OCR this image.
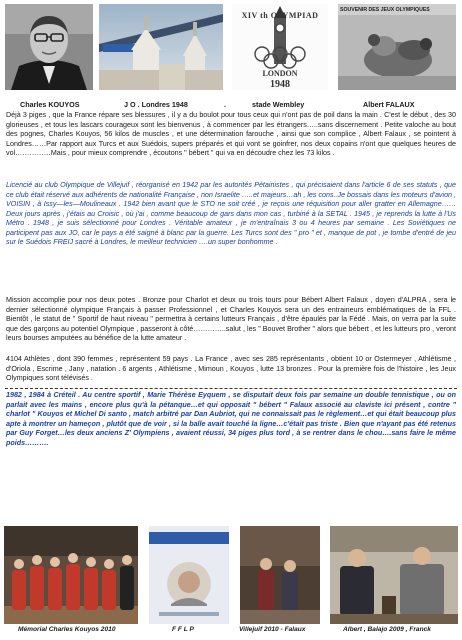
XIV th OLYMPIAD
LONDON
1948
SOUVENIR DES JEUX OLYMPIQUES
Charles KOUYOS	J O . Londres 1948	.	stade Wembley	Albert FALAUX

Déjà 3 piges , que la France répare ses blessures , il y a du boulot pour tous ceux qui n'ont pas de poil dans la main . C'est le début , des 30 glorieuses , et tous les lascars courageux sont les bienvenus , à commencer par les étrangers…..sans discernement . Petite valoche au bout des pognes, Charles Kouyos, 56 kilos de muscles , et une détermination farouche , ainsi que son complice , Albert Falaux , se pointent à Londres……Par rapport aux Turcs et aux Suédois, supers préparés et qui vont se goinfrer, nos deux copains n'ont que quelques heures de vol……………Mais , pour mieux comprendre , écoutons " bébert " qui va en découdre chez les 73 kilos .

Licencié au club Olympique de Villejuif , réorganisé en 1942 par les autorités Pétainistes , qui précisaient dans l'article 6 de ses statuts , que ce club était réservé aux adhérents de nationalité Française , non Israelite …..et majeurs…ah , les cons..Je bossais dans les moteurs d'avion , VOISIN , à Issy—les—Moulineaux . 1942 bien avant que le STO ne soit créé , je reçois une réquisition pour aller gratter en Allemagne……Deux jours après , j'étais au Croisic , où j'ai , comme beaucoup de gars dans mon cas , turbiné à la SETAL . 1945 , je reprends la lutte à l'Us Métro . 1948 , je suis sélectionné pour Londres . Véritable amateur , je m'entraînais 3 ou 4 heures par semaine . Les Soviétiques ne participent pas aux JO, car le pays a été saigné à blanc par la guerre. Les Turcs sont des " pro " et , manque de pot , je tombe d'entré de jeu sur le Suédois FREIJ sacré à Londres, le meilleur technicien ….un super bonhomme .

Mission accomplie pour nos deux potes . Bronze pour Charlot et deux ou trois tours pour Bébert Albert Falaux , doyen d'ALPRA , sera le dernier sélectionné olympique Français à passer Professionnel , et Charles Kouyos sera un des entraineurs emblématiques de la FFL . Bientôt , le statut de " Sportif de haut niveau " permettra à certains lutteurs Français , d'être épaulés par la Fédé . Mais, on verra par la suite que des garçons au potentiel Olympique , passeront à côté…………..salut , les " Bouvet Brother " alors que bébert , et les lutteurs pro , veront leurs bourses amputées au bénéfice de la lutte amateur .

4104 Athlètes , dont 390 femmes , représentent 59 pays . La France , avec ses 285 représentants , obtient 10 or Ostermeyer , Athlétisme , d'Oriola , Escrime , Jany , natation . 6 argents , Athlétisme , Mimoun , Kouyos , lutte 13 bronzes . Pour la première fois de l'histoire , les Jeux Olympiques sont télévisés .

1982 , 1984 à Créteil . Au centre sportif , Marie Thérèse Eyquem , se disputait deux fois par semaine un double tennistique , ou on parlait avec les mains , encore plus qu'à la pétanque…et qui opposait " bébert " Falaux associé au claviste ici présent , contre " charlot " Kouyos et Michel Di santo , match arbitré par Dan Aubriot, qui ne connaissait pas le règlement…et qui était beaucoup plus apte à montrer un hameçon , plutôt que de voir , si la balle avait touché la ligne…c'était pas triste . Bien que n'ayant pas été retenus par Guy Forget…les deux anciens Z' Olympiens , avaient réussi, 34 piges plus tord , à se rentrer dans le chou….sans faire le même poids……….

Mémorial Charles Kouyos 2010	F F L P	Villejuif 2010 - Falaux	Albert , Balajo 2009 , Franck
